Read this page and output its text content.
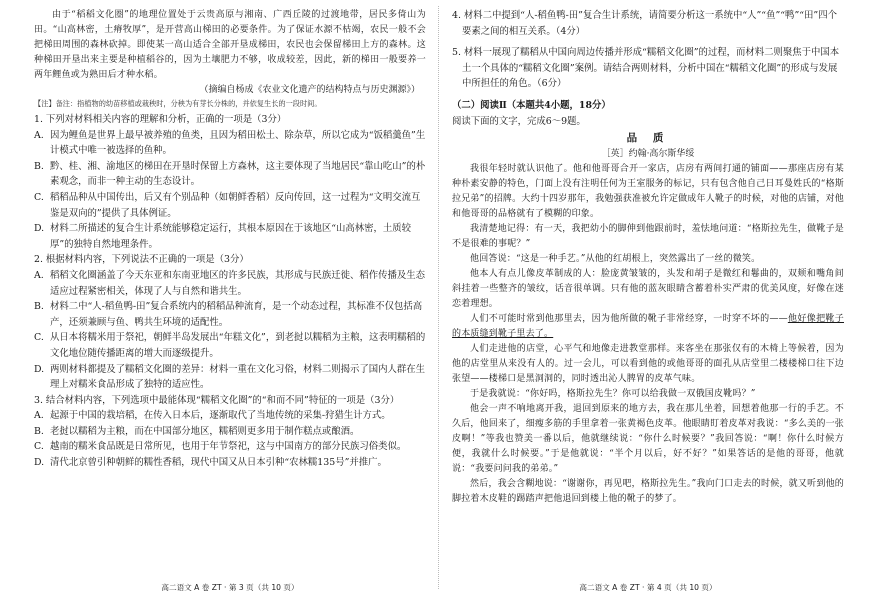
由于“稻稻文化圈”的地理位置处于云贵高原与湘南、广西丘陵的过渡地带，居民多倚山为田。“山高林密，土瘠牧厚”，是开营高山梯田的必要条件。为了保证水源不枯竭，农民一般不会把梯田周围的森林砍掉。即使某一高山适合全部开垦成梯田，农民也会保留梯田上方的森林。这种梯田开垦出来主要是种植稻谷的，因为土壤肥力不够，收成较差，因此，新的梯田一般要养一两年鲤鱼或为熟田后才种水稻。
（摘编自杨成《农业文化遗产的结构特点与历史渊源》）
【注】备注：指植物的幼苗移植或栽秧时，分秧为有芽长分株的，并依复生长的一段时间。
1. 下列对材料相关内容的理解和分析，正确的一项是（3分）
A. 因为鲤鱼是世界上最早被养殖的鱼类，且因为稻田松土、除杂草，所以它成为“饭稻羹鱼”生计模式中唯一被选择的鱼种。
B. 黔、桂、湘、渝地区的梯田在开垦时保留上方森林，这主要体现了当地居民“靠山吃山”的朴素观念，而非一种主动的生态设计。
C. 稻稻品种从中国传出，后又有个别品种（如朝鲜香稻）反向传回，这一过程为“文明交流互鉴是双向的”提供了具体例证。
D. 材料二所描述的复合生计系统能够稳定运行，其根本原因在于该地区“山高林密，土质较厚”的独特自然地理条件。
2. 根据材料内容，下列说法不正确的一项是（3分）
A. 稻稻文化圈涵盖了今天东亚和东南亚地区的许多民族，其形成与民族迁徙、稻作传播及生态适应过程紧密相关，体现了人与自然和谐共生。
B. 材料二中“人-稻鱼鸭-田”复合系统内的稻稻品种流育，是一个动态过程，其标准不仅包括高产，还须兼顾与鱼、鸭共生环境的适配性。
C. 从日本将糯米用于祭祀，朝鲜半岛发展出“年糕文化”，到老挝以糯稻为主粮，这表明糯稻的文化地位随传播距离的增大而逐级提升。
D. 两则材料都提及了糯稻文化圈的差异：材料一重在文化习俗，材料二则揭示了国内人群在生理上对糯米食品形成了独特的适应性。
3. 结合材料内容，下列选项中最能体现“糯稻文化圈”的“和而不同”特征的一项是（3分）
A. 起源于中国的栽培稻，在传入日本后，逐渐取代了当地传统的采集-狩猎生计方式。
B. 老挝以糯稻为主粮，而在中国部分地区，糯稻则更多用于制作糕点或酿酒。
C. 越南的糯米食品既是日常所见，也用于年节祭祀，这与中国南方的部分民族习俗类似。
D. 清代北京曾引种朝鲜的糯性香稻，现代中国又从日本引种“农林糯135号”并推广。
高二语文 A 卷 ZT · 第 3 页（共 10 页）
4. 材料二中提到“人-稻鱼鸭-田”复合生计系统，请简要分析这一系统中“人”“鱼”“鸭”“田”四个要素之间的相互关系。（4分）
5. 材料一展现了糯稻从中国向周边传播并形成“糯稻文化圈”的过程，而材料二则聚焦于中国本土一个具体的“糯稻文化圈”案例。请结合两则材料，分析中国在“糯稻文化圈”的形成与发展中所担任的角色。（6分）
（二）阅读Ⅱ（本题共4小题，18分）
阅读下面的文字，完成6～9题。
品 质
［英］约翰·高尔斯华绥
我很年轻时就认识他了。他和他哥哥合开一家店，店房有两间打通的铺面——那座店房有某种朴素安静的特色，门面上没有注明任何为王室服务的标记，只有包含他自己日耳曼姓氏的“格斯拉兄弟”的招牌。大约十四岁那年，我勉强获准被允许定做成年人靴子的时候，对他的店铺，对他和他哥哥的品格就有了模糊的印象。
我清楚地记得：有一天，我把幼小的脚伸到他跟前时，羞怯地问道：“格斯拉先生，做靴子是不是很难的事呢？”
他回答说：“这是一种手艺。”从他的红胡根上，突然露出了一丝的微笑。
他本人有点儿像皮革制成的人：脸庞黄皱皱的，头发和胡子是微红和鬈曲的，双颊和嘴角间斜挂着一些整齐的皱纹，话音很单调。只有他的蓝灰眼睛含蓄着朴实严肃的优美风度，好像在迷恋着理想。
人们不可能时常到他那里去，因为他所做的靴子非常经穿，一时穿不坏的——他好像把靴子的本质缝到靴子里去了。
人们走进他的店堂，心平气和地像走进教堂那样。来客坐在那张仅有的木椅上等候着，因为他的店堂里从来没有人的。过一会儿，可以看到他的或他哥哥的面孔从店堂里二楼楼梯口往下边张望——楼梯口是黑洞洞的，同时透出沁人脾胃的皮革气味。
于是我就说：“你好吗，格斯拉先生？你可以给我做一双俄国皮靴吗？”
他会一声不响地离开我，退回到原来的地方去，我在那儿坐着，回想着他那一行的手艺。不久后，他回来了，细瘦多筋的手里拿着一张黄褐色皮革。他眼睛盯着皮革对我说：“多么美的一张皮啊！”等我也赞美一番以后，他就继续说：“你什么时候要？”我回答说：“啊！你什么时候方便，我就什么时候要。”于是他就说：“半个月以后，好不好？”如果答话的是他的哥哥，他就说：“我要问问我的弟弟。”
然后，我会含糊地说：“谢谢你，再见吧，格斯拉先生。”我向门口走去的时候，就又听到他的脚拉着木皮鞋的踢踏声把他退回到楼上他的靴子的梦了。
高二语文 A 卷 ZT · 第 4 页（共 10 页）
